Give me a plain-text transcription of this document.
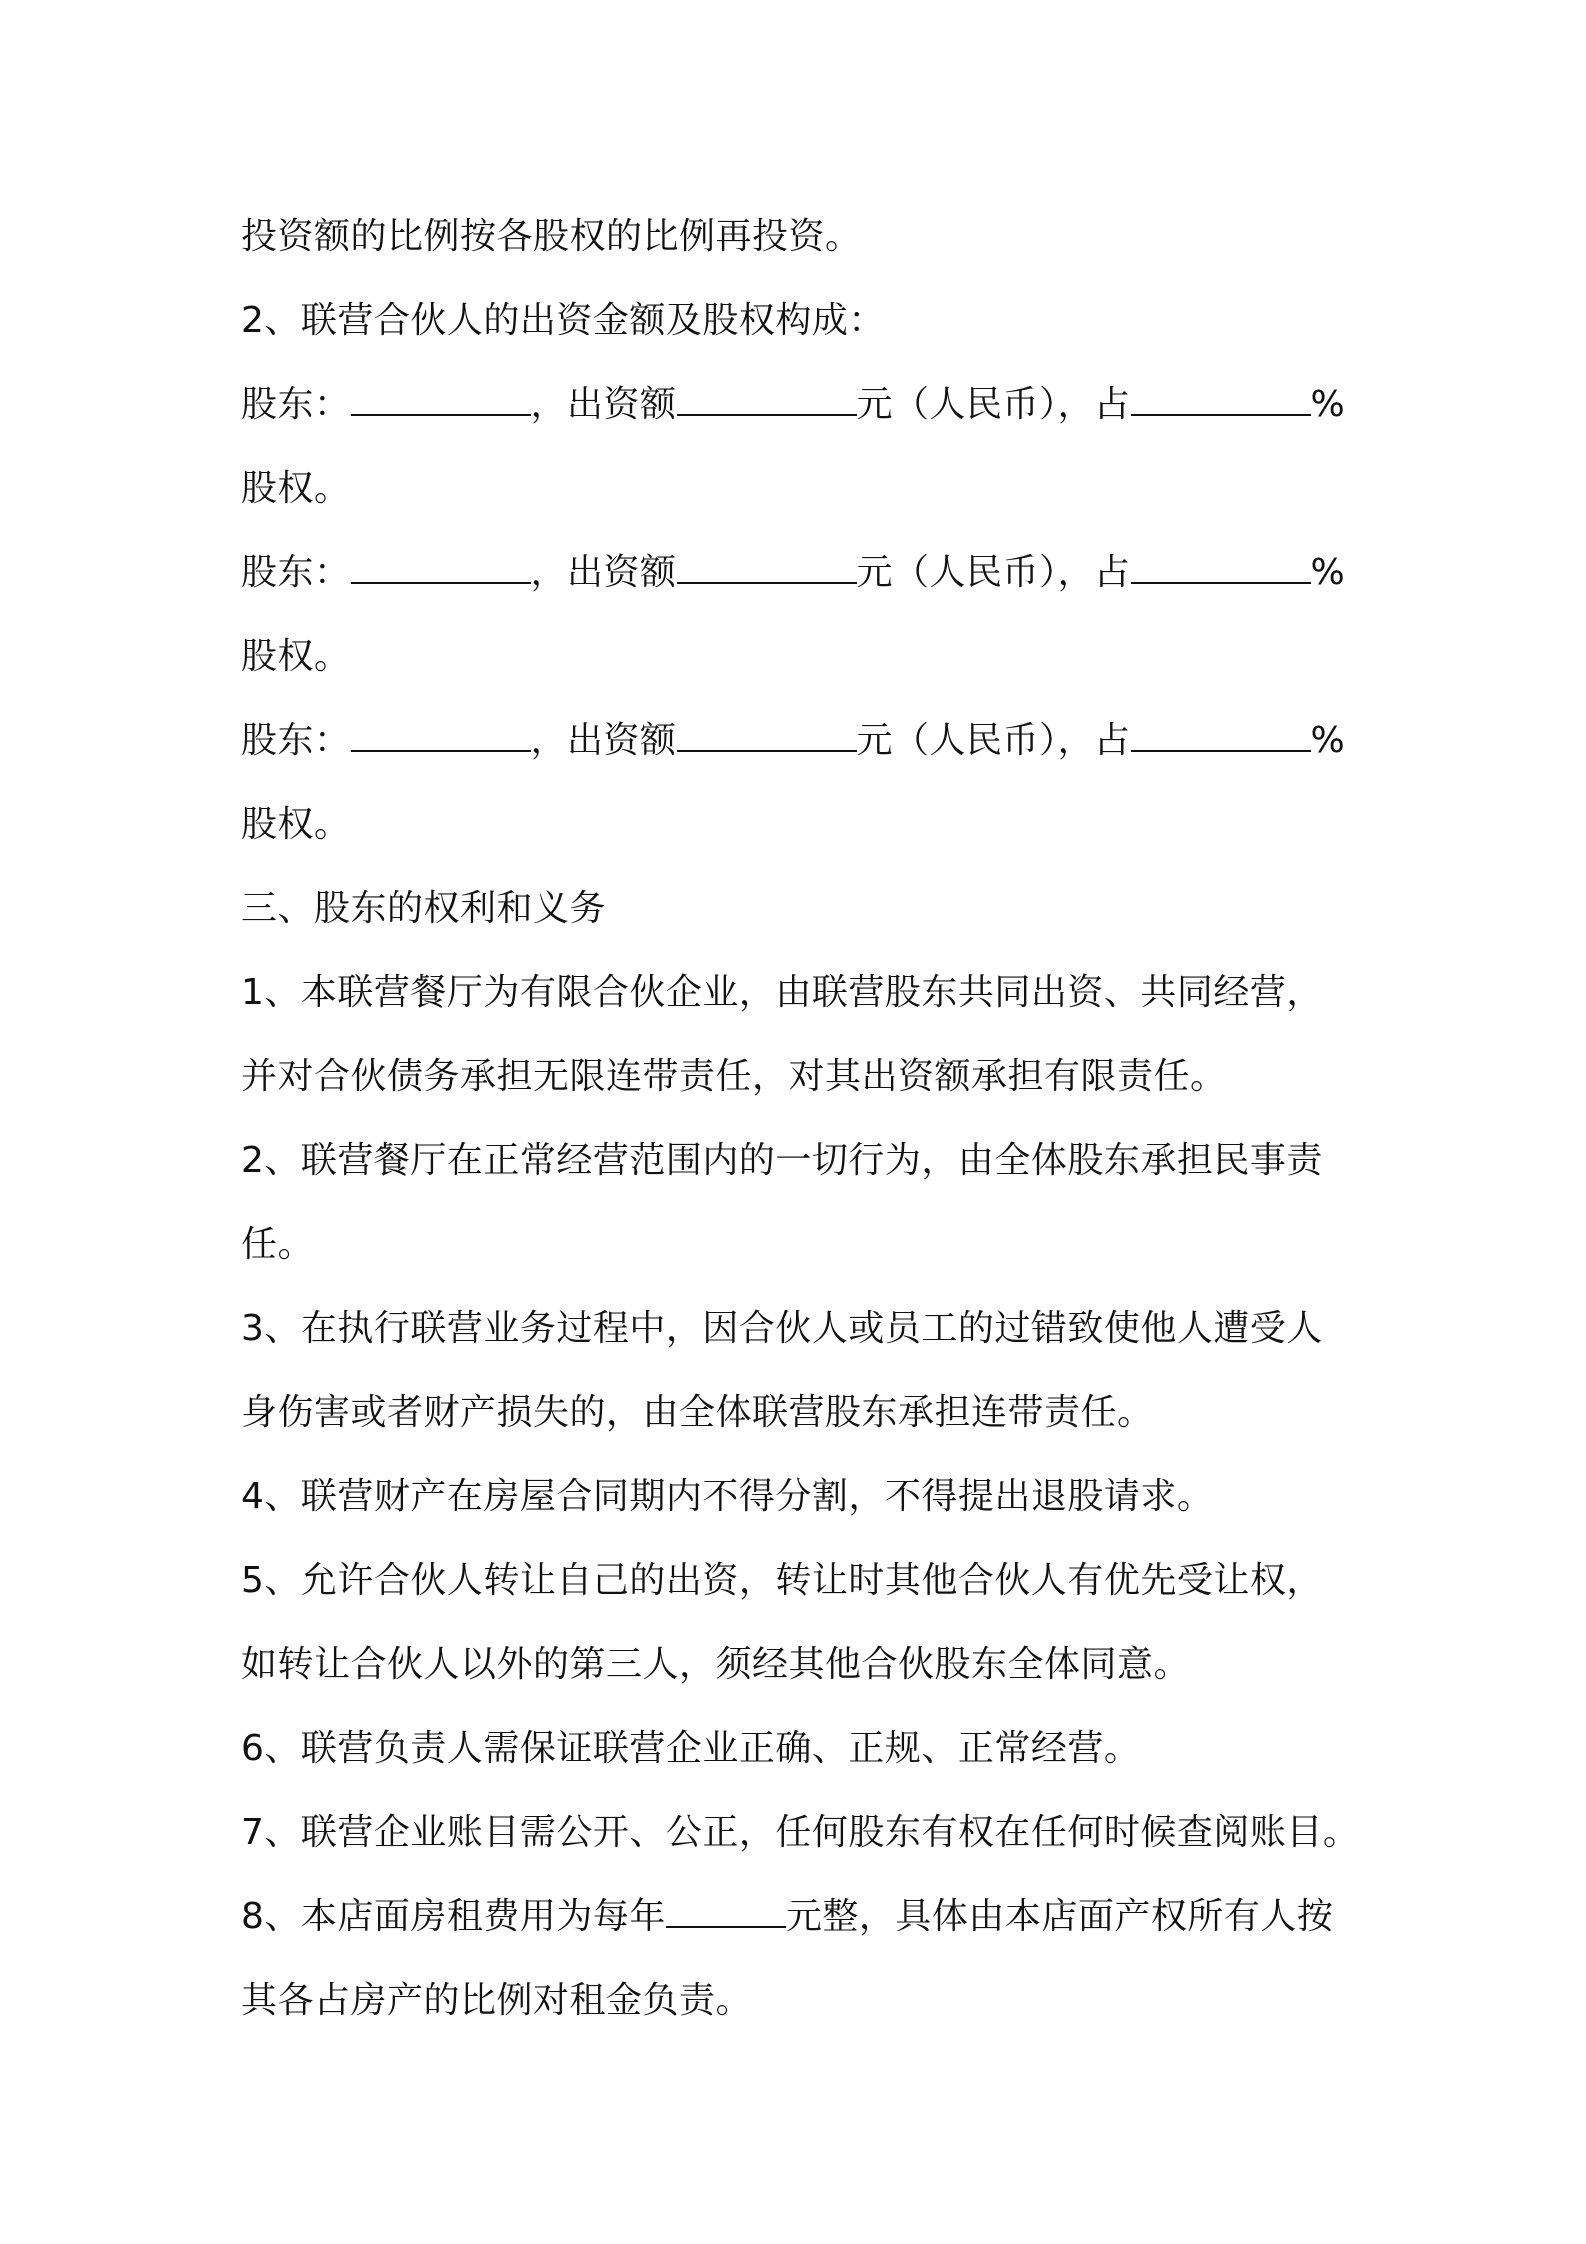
投资额的比例按各股权的比例再投资。
2、联营合伙人的出资金额及股权构成：
股东：	，出资额	元（人民币），占	%
股权。
股东：	，出资额	元（人民币），占	%
股权。
股东：	，出资额	元（人民币），占	%
股权。
三、股东的权利和义务
1、本联营餐厅为有限合伙企业，由联营股东共同出资、共同经营，
并对合伙债务承担无限连带责任，对其出资额承担有限责任。
2、联营餐厅在正常经营范围内的一切行为，由全体股东承担民事责
任。
3、在执行联营业务过程中，因合伙人或员工的过错致使他人遭受人
身伤害或者财产损失的，由全体联营股东承担连带责任。
4、联营财产在房屋合同期内不得分割，不得提出退股请求。
5、允许合伙人转让自己的出资，转让时其他合伙人有优先受让权，
如转让合伙人以外的第三人，须经其他合伙股东全体同意。
6、联营负责人需保证联营企业正确、正规、正常经营。
7、联营企业账目需公开、公正，任何股东有权在任何时候查阅账目。
8、本店面房租费用为每年	元整，具体由本店面产权所有人按
其各占房产的比例对租金负责。
